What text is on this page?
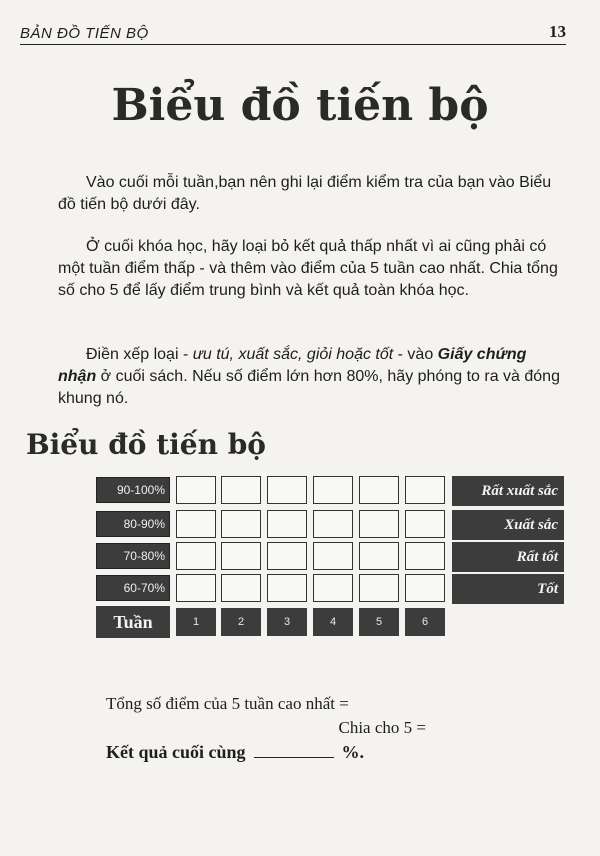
BẢN ĐỒ TIẾN BỘ	13
Biểu đồ tiến bộ

Vào cuối mỗi tuần,bạn nên ghi lại điểm kiểm tra của bạn vào Biểu đồ tiến bộ dưới đây.

Ở cuối khóa học, hãy loại bỏ kết quả thấp nhất vì ai cũng phải có một tuần điểm thấp - và thêm vào điểm của 5 tuần cao nhất. Chia tổng số cho 5 để lấy điểm trung bình và kết quả toàn khóa học.

Điền xếp loại - ưu tú, xuất sắc, giỏi hoặc tốt - vào Giấy chứng nhận ở cuối sách. Nếu số điểm lớn hơn 80%, hãy phóng to ra và đóng khung nó.

Biểu đồ tiến bộ
90-100%	Rất xuất sắc
80-90%	Xuất sắc
70-80%	Rất tốt
60-70%	Tốt
Tuần	1	2	3	4	5	6

Tổng số điểm của 5 tuần cao nhất =

Chia cho 5 =

Kết quả cuối cùng	%.
